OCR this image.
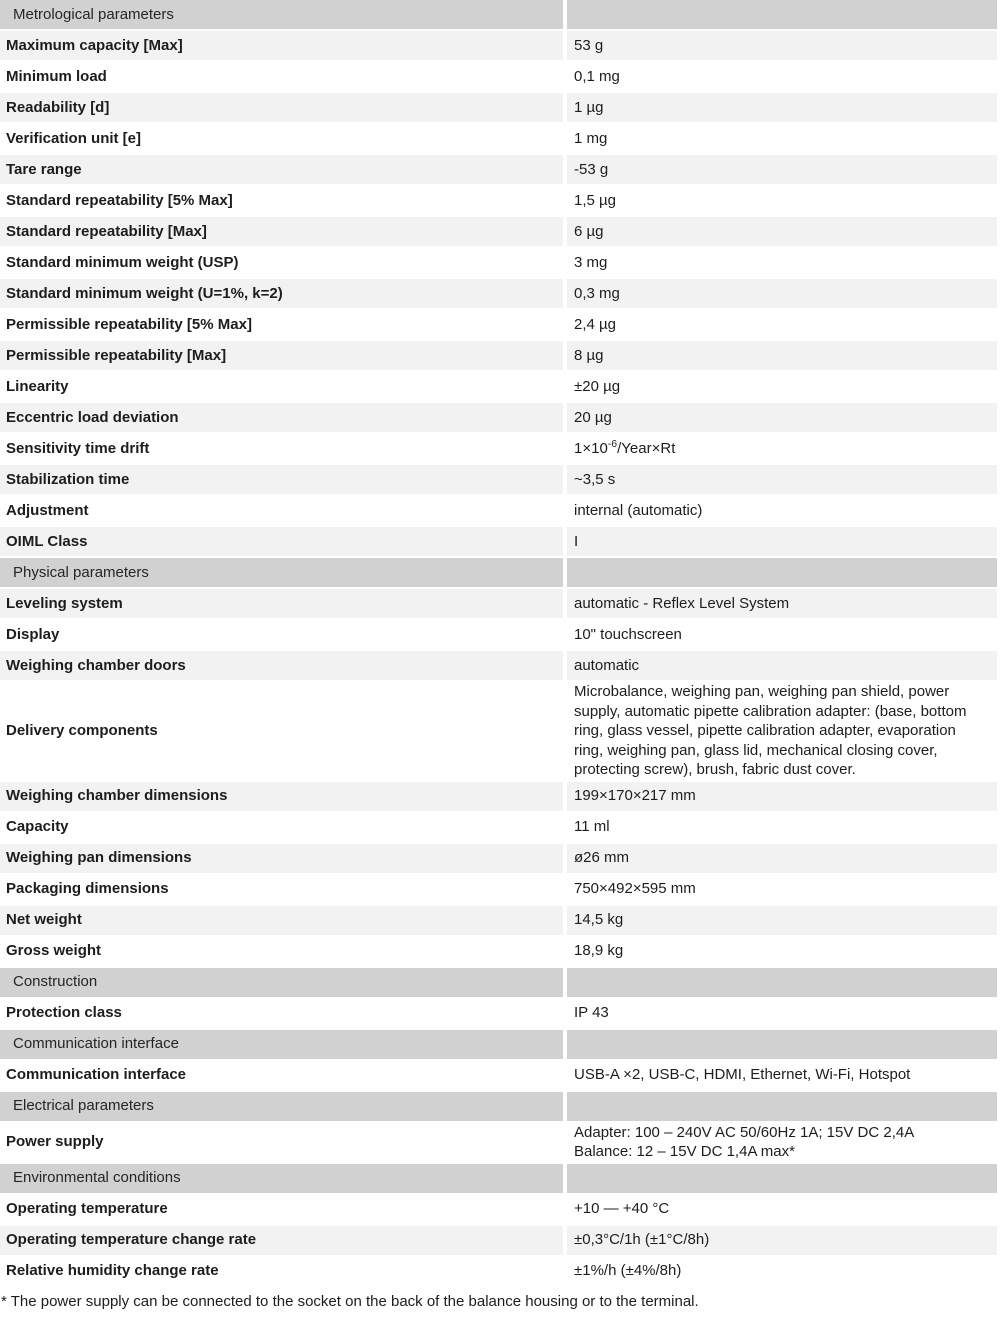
Metrological parameters	
Maximum capacity [Max]	53 g
Minimum load	0,1 mg
Readability [d]	1 µg
Verification unit [e]	1 mg
Tare range	-53 g
Standard repeatability [5% Max]	1,5 µg
Standard repeatability [Max]	6 µg
Standard minimum weight (USP)	3 mg
Standard minimum weight (U=1%, k=2)	0,3 mg
Permissible repeatability [5% Max]	2,4 µg
Permissible repeatability [Max]	8 µg
Linearity	±20 µg
Eccentric load deviation	20 µg
Sensitivity time drift	$1\times 10^{-6}/Year\times Rt$
Stabilization time	~3,5 s
Adjustment	internal (automatic)
OIML Class	I
Physical parameters	
Leveling system	automatic - Reflex Level System
Display	10" touchscreen
Weighing chamber doors	automatic
Delivery components	Microbalance, weighing pan, weighing pan shield, power supply, automatic pipette calibration adapter: (base, bottom ring, glass vessel, pipette calibration adapter, evaporation ring, weighing pan, glass lid, mechanical closing cover, protecting screw), brush, fabric dust cover.
Weighing chamber dimensions	199×170×217 mm
Capacity	11 ml
Weighing pan dimensions	ø26 mm
Packaging dimensions	750×492×595 mm
Net weight	14,5 kg
Gross weight	18,9 kg
Construction	
Protection class	IP 43
Communication interface	
Communication interface	USB-A ×2, USB-C, HDMI, Ethernet, Wi-Fi, Hotspot
Electrical parameters	
Power supply	Adapter: 100 – 240V AC 50/60Hz 1A; 15V DC 2,4A
Balance: 12 – 15V DC 1,4A max*

Environmental conditions	
Operating temperature	+10 — +40 °C
Operating temperature change rate	±0,3°C/1h (±1°C/8h)
Relative humidity change rate	±1%/h (±4%/8h)
* The power supply can be connected to the socket on the back of the balance housing or to the terminal.
